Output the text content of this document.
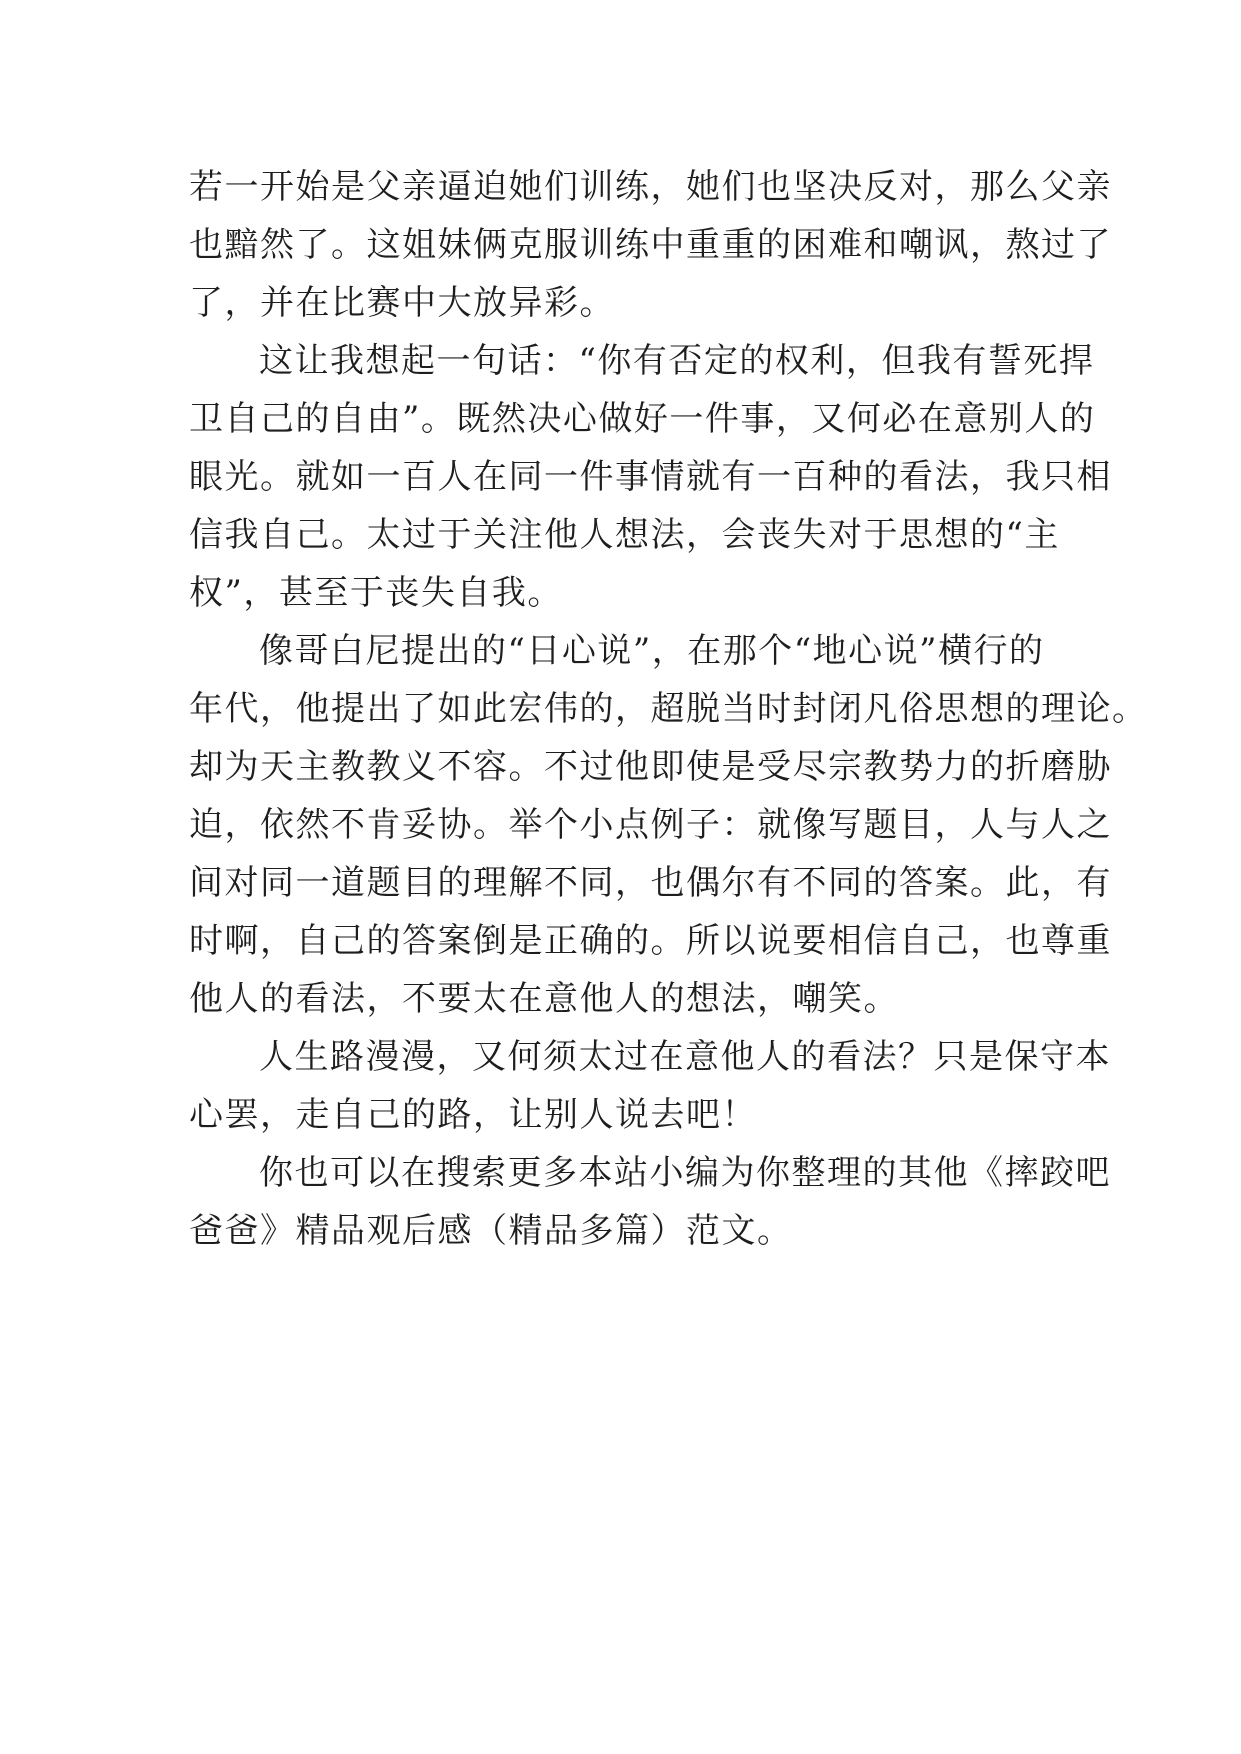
若一开始是父亲逼迫她们训练，她们也坚决反对，那么父亲
也黯然了。这姐妹俩克服训练中重重的困难和嘲讽，熬过了
了，并在比赛中大放异彩。
这让我想起一句话：“你有否定的权利，但我有誓死捍
卫自己的自由”。既然决心做好一件事，又何必在意别人的
眼光。就如一百人在同一件事情就有一百种的看法，我只相
信我自己。太过于关注他人想法，会丧失对于思想的“主
权”，甚至于丧失自我。
像哥白尼提出的“日心说”，在那个“地心说”横行的
年代，他提出了如此宏伟的，超脱当时封闭凡俗思想的理论。
却为天主教教义不容。不过他即使是受尽宗教势力的折磨胁
迫，依然不肯妥协。举个小点例子：就像写题目，人与人之
间对同一道题目的理解不同，也偶尔有不同的答案。此，有
时啊，自己的答案倒是正确的。所以说要相信自己，也尊重
他人的看法，不要太在意他人的想法，嘲笑。
人生路漫漫，又何须太过在意他人的看法？只是保守本
心罢，走自己的路，让别人说去吧！
你也可以在搜索更多本站小编为你整理的其他《摔跤吧
爸爸》精品观后感（精品多篇）范文。
